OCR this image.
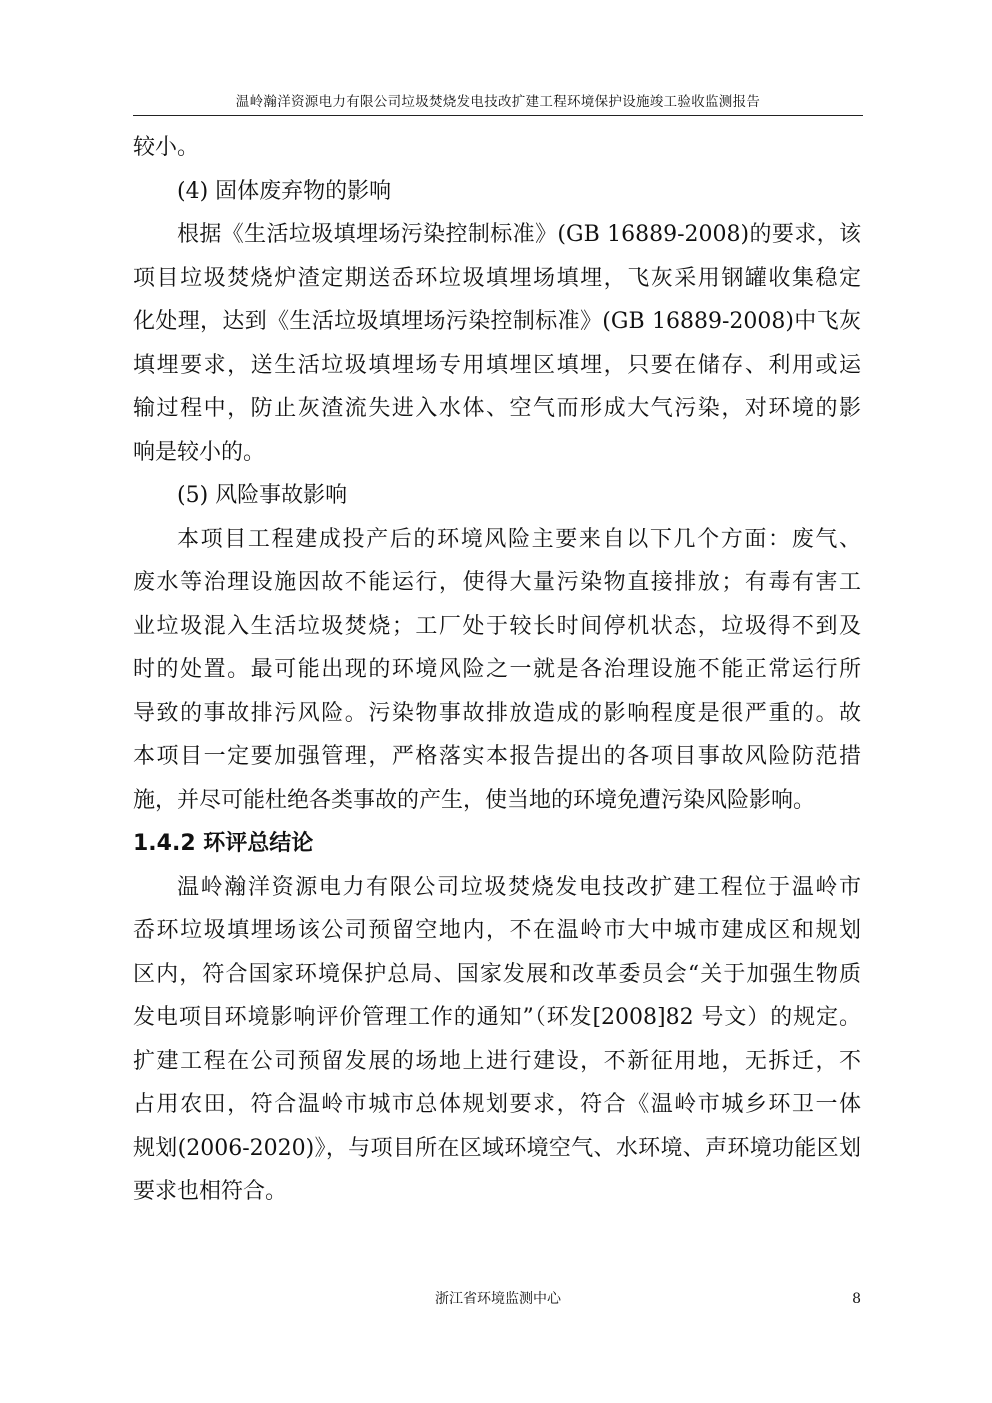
温岭瀚洋资源电力有限公司垃圾焚烧发电技改扩建工程环境保护设施竣工验收监测报告
较小。
(4) 固体废弃物的影响
根据《生活垃圾填埋场污染控制标准》(GB 16889-2008)的要求，该
项目垃圾焚烧炉渣定期送岙环垃圾填埋场填埋，飞灰采用钢罐收集稳定
化处理，达到《生活垃圾填埋场污染控制标准》(GB 16889-2008)中飞灰
填埋要求，送生活垃圾填埋场专用填埋区填埋，只要在储存、利用或运
输过程中，防止灰渣流失进入水体、空气而形成大气污染，对环境的影
响是较小的。
(5) 风险事故影响
本项目工程建成投产后的环境风险主要来自以下几个方面：废气、
废水等治理设施因故不能运行，使得大量污染物直接排放；有毒有害工
业垃圾混入生活垃圾焚烧；工厂处于较长时间停机状态，垃圾得不到及
时的处置。最可能出现的环境风险之一就是各治理设施不能正常运行所
导致的事故排污风险。污染物事故排放造成的影响程度是很严重的。故
本项目一定要加强管理，严格落实本报告提出的各项目事故风险防范措
施，并尽可能杜绝各类事故的产生，使当地的环境免遭污染风险影响。
1.4.2 环评总结论
温岭瀚洋资源电力有限公司垃圾焚烧发电技改扩建工程位于温岭市
岙环垃圾填埋场该公司预留空地内，不在温岭市大中城市建成区和规划
区内，符合国家环境保护总局、国家发展和改革委员会“关于加强生物质
发电项目环境影响评价管理工作的通知”（环发[2008]82 号文）的规定。
扩建工程在公司预留发展的场地上进行建设，不新征用地，无拆迁，不
占用农田，符合温岭市城市总体规划要求，符合《温岭市城乡环卫一体
规划(2006-2020)》，与项目所在区域环境空气、水环境、声环境功能区划
要求也相符合。
浙江省环境监测中心	8
